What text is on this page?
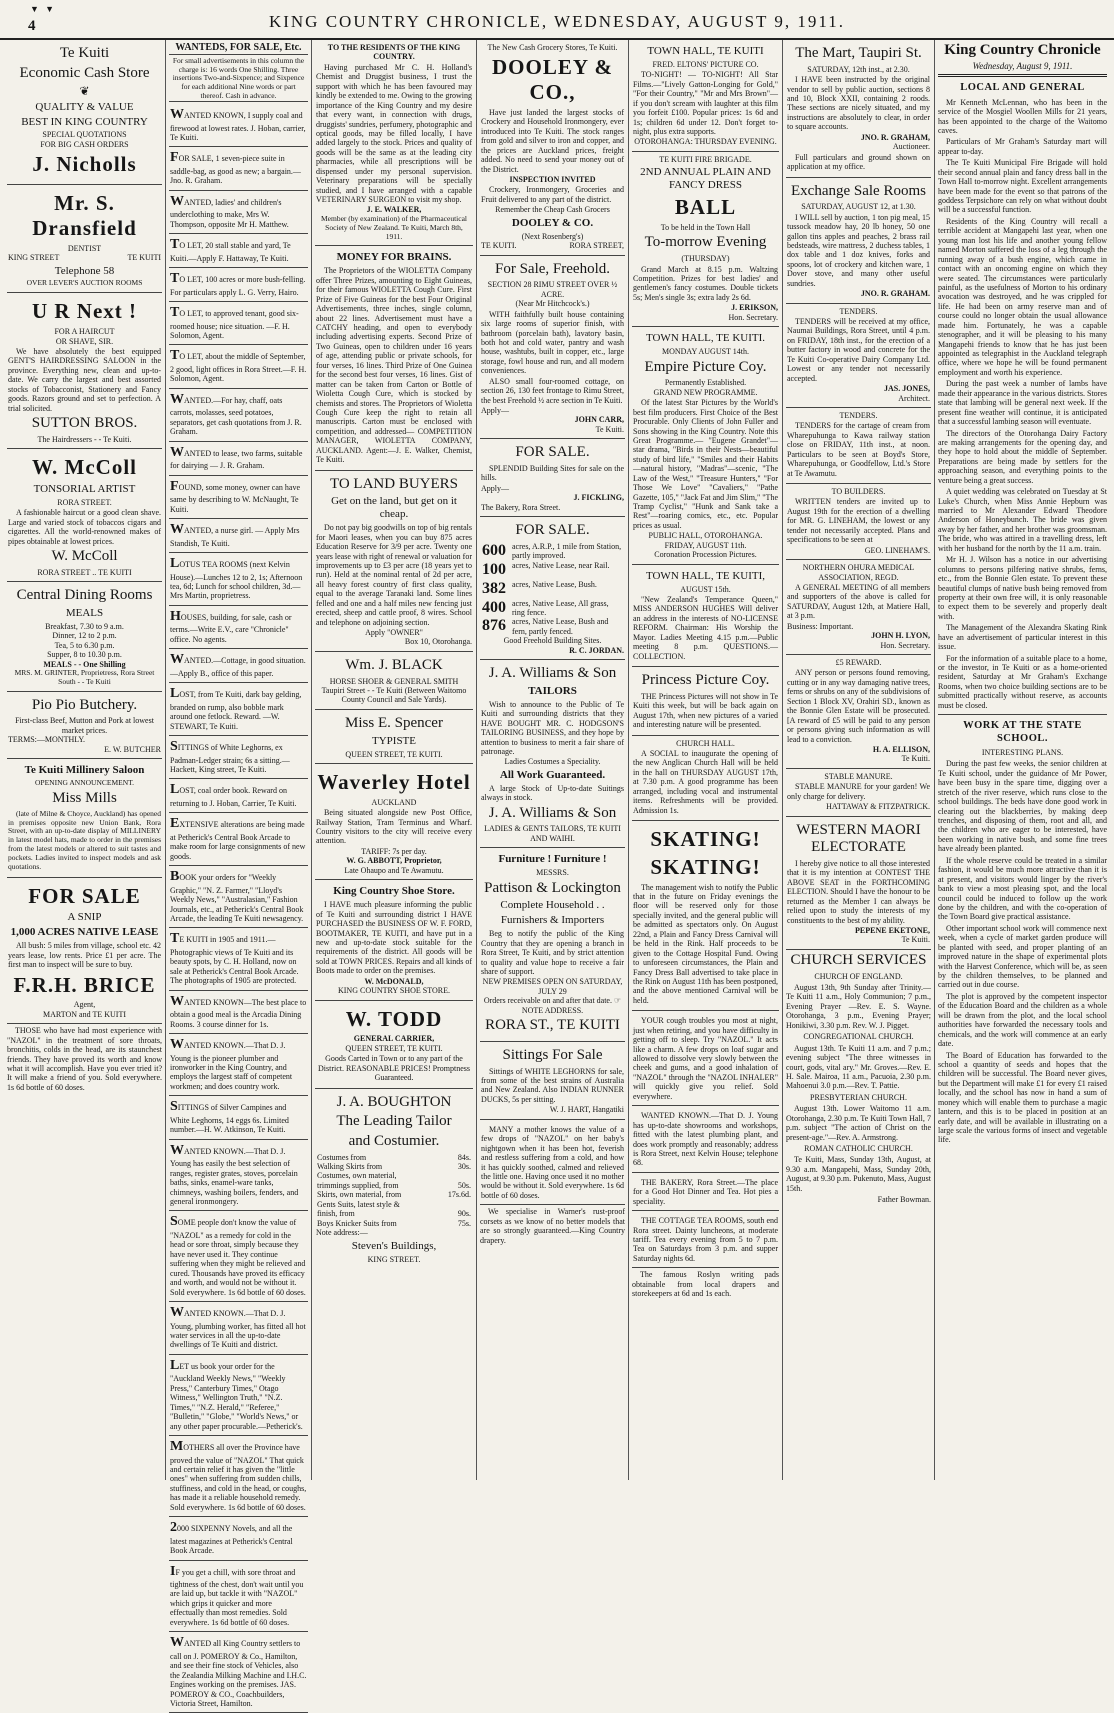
▼ ▼
4	KING COUNTRY CHRONICLE, WEDNESDAY, AUGUST 9, 1911.
Te Kuiti
Economic Cash Store
❦
QUALITY & VALUE
BEST IN KING COUNTRY
SPECIAL QUOTATIONS
FOR BIG CASH ORDERS
J. Nicholls
Mr. S. Dransfield
DENTIST
KING STREET	TE KUITI
Telephone 58
OVER LEVER'S AUCTION ROOMS
U R Next !
FOR A HAIRCUT
OR SHAVE, SIR.

We have absolutely the best equipped GENT'S HAIRDRESSING SALOON in the province. Everything new, clean and up-to-date. We carry the largest and best assorted stocks of Tobacconist, Stationery and Fancy goods. Razors ground and set to perfection. A trial solicited.

SUTTON BROS.
The Hairdressers - - Te Kuiti.
W. McColl
TONSORIAL ARTIST
RORA STREET.

A fashionable haircut or a good clean shave. Large and varied stock of tobaccos cigars and cigarettes. All the world-renowned makes of pipes obtainable at lowest prices.

W. McColl
RORA STREET .. TE KUITI
Central Dining Rooms
MEALS
Breakfast, 7.30 to 9 a.m.
Dinner, 12 to 2 p.m.
Tea, 5 to 6.30 p.m.
Supper, 8 to 10.30 p.m.
MEALS - - One Shilling
MRS. M. GRINTER, Proprietress, Rora Street South - - Te Kuiti
Pio Pio Butchery.
First-class Beef, Mutton and Pork at lowest market prices.
TERMS:—MONTHLY.
E. W. BUTCHER
Te Kuiti Millinery Saloon
OPENING ANNOUNCEMENT.
Miss Mills

(late of Milne & Choyce, Auckland) has opened in premises opposite new Union Bank, Rora Street, with an up-to-date display of MILLINERY in latest model hats, made to order in the premises from the latest models or altered to suit tastes and pockets. Ladies invited to inspect models and ask quotations.

FOR SALE
A SNIP
1,000 ACRES NATIVE LEASE

All bush: 5 miles from village, school etc. 42 years lease, low rents. Price £1 per acre. The first man to inspect will be sure to buy.

F.R.H. BRICE
Agent,
MARTON and TE KUITI

THOSE who have had most experience with "NAZOL" in the treatment of sore throats, bronchitis, colds in the head, are its staunchest friends. They have proved its worth and know what it will accomplish. Have you ever tried it? It will make a friend of you. Sold everywhere. 1s 6d bottle of 60 doses.

WANTEDS, FOR SALE, Etc.

For small advertisements in this column the charge is: 16 words One Shilling. Three insertions Two-and-Sixpence; and Sixpence for each additional Nine words or part thereof. Cash in advance.

WANTED KNOWN, I supply coal and firewood at lowest rates. J. Hoban, carrier, Te Kuiti.

FOR SALE, 1 seven-piece suite in saddle-bag, as good as new; a bargain.—Jno. R. Graham.

WANTED, ladies' and children's underclothing to make, Mrs W. Thompson, opposite Mr H. Matthew.

TO LET, 20 stall stable and yard, Te Kuiti.—Apply F. Hattaway, Te Kuiti.

TO LET, 100 acres or more bush-felling. For particulars apply L. G. Verry, Hairo.

TO LET, to approved tenant, good six-roomed house; nice situation. —F. H. Solomon, Agent.

TO LET, about the middle of September, 2 good, light offices in Rora Street.—F. H. Solomon, Agent.

WANTED.—For hay, chaff, oats carrots, molasses, seed potatoes, separators, get cash quotations from J. R. Graham.

WANTED to lease, two farms, suitable for dairying — J. R. Graham.

FOUND, some money, owner can have same by describing to W. McNaught, Te Kuiti.

WANTED, a nurse girl. — Apply Mrs Standish, Te Kuiti.

LOTUS TEA ROOMS (next Kelvin House).—Lunches 12 to 2, 1s; Afternoon tea, 6d; Lunch for school children, 3d.—Mrs Martin, proprietress.

HOUSES, building, for sale, cash or terms.—Write E.V., care "Chronicle" office. No agents.

WANTED.—Cottage, in good situation.—Apply B., office of this paper.

LOST, from Te Kuiti, dark bay gelding, branded on rump, also bobble mark around one fetlock. Reward. —W. STEWART, Te Kuiti.

SITTINGS of White Leghorns, ex Padman-Ledger strain; 6s a sitting.—Hackett, King street, Te Kuiti.

LOST, coal order book. Reward on returning to J. Hoban, Carrier, Te Kuiti.

EXTENSIVE alterations are being made at Petherick's Central Book Arcade to make room for large consignments of new goods.

BOOK your orders for "Weekly Graphic," "N. Z. Farmer," "Lloyd's Weekly News," "Australasian," Fashion Journals, etc., at Petherick's Central Book Arcade, the leading Te Kuiti newsagency.

TE KUITI in 1905 and 1911.—Photographic views of Te Kuiti and its beauty spots, by C. H. Holland, now on sale at Petherick's Central Book Arcade. The photographs of 1905 are protected.

WANTED KNOWN—The best place to obtain a good meal is the Arcadia Dining Rooms. 3 course dinner for 1s.

WANTED KNOWN.—That D. J. Young is the pioneer plumber and ironworker in the King Country, and employs the largest staff of competent workmen; and does country work.

SITTINGS of Silver Campines and White Leghorns, 14 eggs 6s. Limited number.—H. W. Atkinson, Te Kuiti.

WANTED KNOWN.—That D. J. Young has easily the best selection of ranges, register grates, stoves, porcelain baths, sinks, enamel-ware tanks, chimneys, washing boilers, fenders, and general ironmongery.

SOME people don't know the value of "NAZOL" as a remedy for cold in the head or sore throat, simply because they have never used it. They continue suffering when they might be relieved and cured. Thousands have proved its efficacy and worth, and would not be without it. Sold everywhere. 1s 6d bottle of 60 doses.

WANTED KNOWN.—That D. J. Young, plumbing worker, has fitted all hot water services in all the up-to-date dwellings of Te Kuiti and district.

LET us book your order for the "Auckland Weekly News," "Weekly Press," Canterbury Times," Otago Witness," Wellington Truth," "N.Z. Times," "N.Z. Herald," "Referee," "Bulletin," "Globe," "World's News," or any other paper procurable.—Petherick's.

MOTHERS all over the Province have proved the value of "NAZOL" That quick and certain relief it has given the "little ones" when suffering from sudden chills, stuffiness, and cold in the head, or coughs, has made it a reliable household remedy. Sold everywhere. 1s 6d bottle of 60 doses.

2000 SIXPENNY Novels, and all the latest magazines at Petherick's Central Book Arcade.

IF you get a chill, with sore throat and tightness of the chest, don't wait until you are laid up, but tackle it with "NAZOL" which grips it quicker and more effectually than most remedies. Sold everywhere. 1s 6d bottle of 60 doses.

WANTED all King Country settlers to call on J. POMEROY & Co., Hamilton, and see their fine stock of Vehicles, also the Zealandia Milking Machine and I.H.C. Engines working on the premises. JAS. POMEROY & CO., Coachbuilders, Victoria Street, Hamilton.

TO THE RESIDENTS OF THE KING COUNTRY.

Having purchased Mr C. H. Holland's Chemist and Druggist business, I trust the support with which he has been favoured may kindly be extended to me. Owing to the growing importance of the King Country and my desire that every want, in connection with drugs, druggists' sundries, perfumery, photographic and optical goods, may be filled locally, I have added largely to the stock. Prices and quality of goods will be the same as at the leading city pharmacies, while all prescriptions will be dispensed under my personal supervision. Veterinary preparations will be specially studied, and I have arranged with a capable VETERINARY SURGEON to visit my shop.

J. E. WALKER,
Member (by examination) of the Pharmaceutical Society of New Zealand. Te Kuiti, March 8th, 1911.
MONEY FOR BRAINS.

The Proprietors of the WIOLETTA Company offer Three Prizes, amounting to Eight Guineas, for their famous WIOLETTA Cough Cure. First Prize of Five Guineas for the best Four Original Advertisements, three inches, single column, about 22 lines. Advertisement must have a CATCHY heading, and open to everybody including advertising experts. Second Prize of Two Guineas, open to children under 16 years of age, attending public or private schools, for four verses, 16 lines. Third Prize of One Guinea for the second best four verses, 16 lines. Gist of matter can be taken from Carton or Bottle of Wioletta Cough Cure, which is stocked by chemists and stores. The Proprietors of Wioletta Cough Cure keep the right to retain all manuscripts. Carton must be enclosed with competition, and addressed— COMPETITION MANAGER, WIOLETTA COMPANY, AUCKLAND. Agent:—J. E. Walker, Chemist, Te Kuiti.

TO LAND BUYERS
Get on the land, but get on it cheap.

Do not pay big goodwills on top of big rentals for Maori leases, when you can buy 875 acres Education Reserve for 3/9 per acre. Twenty one years lease with right of renewal or valuation for improvements up to £3 per acre (18 years yet to run). Held at the nominal rental of 2d per acre, all heavy forest country of first class quality, equal to the average Taranaki land. Some lines felled and one and a half miles new fencing just erected, sheep and cattle proof, 8 wires. School and telephone on adjoining section.

Apply "OWNER"
Box 10, Otorohanga.
Wm. J. BLACK
HORSE SHOER & GENERAL SMITH
Taupiri Street - - Te Kuiti (Between Waitomo County Council and Sale Yards).
Miss E. Spencer
TYPISTE
QUEEN STREET, TE KUITI.
Waverley Hotel
AUCKLAND

Being situated alongside new Post Office, Railway Station, Tram Terminus and Wharf. Country visitors to the city will receive every attention.

TARIFF: 7s per day.
W. G. ABBOTT, Proprietor,
Late Ohaupo and Te Awamutu.
King Country Shoe Store.

I HAVE much pleasure informing the public of Te Kuiti and surrounding district I HAVE PURCHASED the BUSINESS OF W. F. FORD, BOOTMAKER, TE KUITI, and have put in a new and up-to-date stock suitable for the requirements of the district. All goods will be sold at TOWN PRICES. Repairs and all kinds of Boots made to order on the premises.

W. McDONALD,
KING COUNTRY SHOE STORE.
W. TODD
GENERAL CARRIER,
QUEEN STREET, TE KUITI.

Goods Carted in Town or to any part of the District. REASONABLE PRICES! Promptness Guaranteed.

J. A. BOUGHTON
The Leading Tailor
and Costumier.
Costumes from	84s.
Walking Skirts from	30s.
Costumes, own material,	
trimmings supplied, from	50s.
Skirts, own material, from	17s.6d.
Gents Suits, latest style &	
finish, from	90s.
Boys Knicker Suits from	75s.
Note address:—
Steven's Buildings,
KING STREET.
The New Cash Grocery Stores, Te Kuiti.
DOOLEY & CO.,

Have just landed the largest stocks of Crockery and Household Ironmongery, ever introduced into Te Kuiti. The stock ranges from gold and silver to iron and copper, and the prices are Auckland prices, freight added. No need to send your money out of the District.

INSPECTION INVITED

Crockery, Ironmongery, Groceries and Fruit delivered to any part of the district.

Remember the Cheap Cash Grocers
DOOLEY & CO.
(Next Rosenberg's)
TE KUITI.	RORA STREET,
For Sale, Freehold.
SECTION 28 RIMU STREET OVER ½ ACRE.
(Near Mr Hitchcock's.)

WITH faithfully built house containing six large rooms of superior finish, with bathroom (porcelain bath), lavatory basin, both hot and cold water, pantry and wash house, washtubs, built in copper, etc., large storage, fowl house and run, and all modern conveniences.

ALSO small four-roomed cottage, on section 26, 130 feet frontage to Rimu Street, the best Freehold ½ acre section in Te Kuiti.

Apply—
JOHN CARR,
Te Kuiti.
FOR SALE.

SPLENDID Building Sites for sale on the hills.

Apply—
J. FICKLING,
The Bakery, Rora Street.
FOR SALE.
600	acres, A.R.P., 1 mile from Station, partly improved.
100	acres, Native Lease, near Rail.
382	acres, Native Lease, Bush.
400	acres, Native Lease, All grass, ring fence.
876	acres, Native Lease, Bush and fern, partly fenced.
Good Freehold Building Sites.
R. C. JORDAN.
J. A. Williams & Son
TAILORS

Wish to announce to the Public of Te Kuiti and surrounding districts that they HAVE BOUGHT MR. C. HODGSON'S TAILORING BUSINESS, and they hope by attention to business to merit a fair share of patronage.

Ladies Costumes a Speciality.
All Work Guaranteed.

A large Stock of Up-to-date Suitings always in stock.

J. A. Williams & Son
LADIES & GENTS TAILORS, TE KUITI AND WAIHI.
Furniture ! Furniture !
MESSRS.
Pattison & Lockington
Complete Household . .
Furnishers & Importers

Beg to notify the public of the King Country that they are opening a branch in Rora Street, Te Kuiti, and by strict attention to quality and value hope to receive a fair share of support.

NEW PREMISES OPEN ON SATURDAY, JULY 29
Orders receivable on and after that date. ☞ NOTE ADDRESS.
RORA ST., TE KUITI
Sittings For Sale

Sittings of WHITE LEGHORNS for sale, from some of the best strains of Australia and New Zealand. Also INDIAN RUNNER DUCKS, 5s per sitting.

W. J. HART, Hangatiki

MANY a mother knows the value of a few drops of "NAZOL" on her baby's nightgown when it has been hot, feverish and restless suffering from a cold, and how it has quickly soothed, calmed and relieved the little one. Having once used it no mother would be without it. Sold everywhere. 1s 6d bottle of 60 doses.

We specialise in Warner's rust-proof corsets as we know of no better models that are so strongly guaranteed.—King Country drapery.

TOWN HALL, TE KUITI
FRED. ELTONS' PICTURE CO.

TO-NIGHT! — TO-NIGHT! All Star Films.—"Lively Gatton-Longing for Gold," "For their Country," "Mr and Mrs Brown"—if you don't scream with laughter at this film you forfeit £100. Popular prices: 1s 6d and 1s; children 6d under 12. Don't forget to-night, plus extra supports.

OTOROHANGA: THURSDAY EVENING.
TE KUITI FIRE BRIGADE.
2ND ANNUAL PLAIN AND FANCY DRESS
BALL
To be held in the Town Hall
To-morrow Evening
(THURSDAY)

Grand March at 8.15 p.m. Waltzing Competition. Prizes for best ladies' and gentlemen's fancy costumes. Double tickets 5s; Men's single 3s; extra lady 2s 6d.

J. ERIKSON,
Hon. Secretary.
TOWN HALL, TE KUITI.
MONDAY AUGUST 14th.
Empire Picture Coy.
Permanently Established.
GRAND NEW PROGRAMME.

Of the latest Star Pictures by the World's best film producers. First Choice of the Best Procurable. Only Clients of John Fuller and Sons showing in the King Country. Note this Great Programme.— "Eugene Grandet"—star drama, "Birds in their Nests—beautiful study of bird life," "Smiles and their Habits —natural history, "Madras"—scenic, "The Law of the West," "Treasure Hunters," "For Those We Love" "Cavaliers," "Pathe Gazette, 105," "Jack Fat and Jim Slim," "The Tramp Cyclist," "Hunk and Sank take a Rest"—roaring comics, etc., etc. Popular prices as usual.

PUBLIC HALL, OTOROHANGA.
FRIDAY, AUGUST 11th.
Coronation Procession Pictures.
TOWN HALL, TE KUITI,
AUGUST 15th.

"New Zealand's Temperance Queen," MISS ANDERSON HUGHES Will deliver an address in the interests of NO-LICENSE REFORM. Chairman: His Worship the Mayor. Ladies Meeting 4.15 p.m.—Public meeting 8 p.m. QUESTIONS.—COLLECTION.

Princess Picture Coy.

THE Princess Pictures will not show in Te Kuiti this week, but will be back again on August 17th, when new pictures of a varied and interesting nature will be presented.

CHURCH HALL.

A SOCIAL to inaugurate the opening of the new Anglican Church Hall will be held in the hall on THURSDAY AUGUST 17th, at 7.30 p.m. A good programme has been arranged, including vocal and instrumental items. Refreshments will be provided. Admission 1s.

SKATING!
SKATING!

The management wish to notify the Public that in the future on Friday evenings the floor will be reserved only for those specially invited, and the general public will be admitted as spectators only. On August 22nd, a Plain and Fancy Dress Carnival will be held in the Rink. Half proceeds to be given to the Cottage Hospital Fund. Owing to unforeseen circumstances, the Plain and Fancy Dress Ball advertised to take place in the Rink on August 11th has been postponed, and the above mentioned Carnival will be held.

YOUR cough troubles you most at night, just when retiring, and you have difficulty in getting off to sleep. Try "NAZOL." It acts like a charm. A few drops on loaf sugar and allowed to dissolve very slowly between the cheek and gums, and a good inhalation of "NAZOL" through the "NAZOL INHALER" will quickly give you relief. Sold everywhere.

WANTED KNOWN.—That D. J. Young has up-to-date showrooms and workshops, fitted with the latest plumbing plant, and does work promptly and reasonably; address is Rora Street, next Kelvin House; telephone 68.

THE BAKERY, Rora Street.—The place for a Good Hot Dinner and Tea. Hot pies a speciality.

THE COTTAGE TEA ROOMS, south end Rora street. Dainty luncheons, at moderate tariff. Tea every evening from 5 to 7 p.m. Tea on Saturdays from 3 p.m. and supper Saturday nights 6d.

The famous Roslyn writing pads obtainable from local drapers and storekeepers at 6d and 1s each.

The Mart, Taupiri St.
SATURDAY, 12th inst., at 2.30.

I HAVE been instructed by the original vendor to sell by public auction, sections 8 and 10, Block XXII, containing 2 roods. These sections are nicely situated, and my instructions are absolutely to clear, in order to square accounts.

JNO. R. GRAHAM,
Auctioneer.

Full particulars and ground shown on application at my office.

Exchange Sale Rooms
SATURDAY, AUGUST 12, at 1.30.

I WILL sell by auction, 1 ton pig meal, 15 tussock meadow hay, 20 lb honey, 50 one gallon tins apples and peaches, 2 brass rail bedsteads, wire mattress, 2 duchess tables, 1 dox table and 1 doz knives, forks and spoons, lot of crockery and kitchen ware, 1 Dover stove, and many other useful sundries.

JNO. R. GRAHAM.
TENDERS.

TENDERS will be received at my office, Naumai Buildings, Rora Street, until 4 p.m. on FRIDAY, 18th inst., for the erection of a butter factory in wood and concrete for the Te Kuiti Co-operative Dairy Company Ltd. Lowest or any tender not necessarily accepted.

JAS. JONES,
Architect.
TENDERS.

TENDERS for the cartage of cream from Wharepuhunga to Kawa railway station close on FRIDAY, 11th inst., at noon. Particulars to be seen at Boyd's Store, Wharepuhunga, or Goodfellow, Ltd.'s Store at Te Awamutu.

TO BUILDERS.

WRITTEN tenders are invited up to August 19th for the erection of a dwelling for MR. G. LINEHAM, the lowest or any tender not necessarily accepted. Plans and specifications to be seen at

GEO. LINEHAM'S.
NORTHERN OHURA MEDICAL ASSOCIATION, REGD.

A GENERAL MEETING of all members and supporters of the above is called for SATURDAY, August 12th, at Matiere Hall, at 3 p.m.

Business: Important.
JOHN H. LYON,
Hon. Secretary.
£5 REWARD.

ANY person or persons found removing, cutting or in any way damaging native trees, ferns or shrubs on any of the subdivisions of Section 1 Block XV, Orahiri SD., known as the Bonnie Glen Estate will be prosecuted. [A reward of £5 will be paid to any person or persons giving such information as will lead to a conviction.

H. A. ELLISON,
Te Kuiti.
STABLE MANURE.

STABLE MANURE for your garden! We only charge for delivery.

HATTAWAY & FITZPATRICK.
WESTERN MAORI ELECTORATE

I hereby give notice to all those interested that it is my intention at CONTEST THE ABOVE SEAT in the FORTHCOMING ELECTION. Should I have the honour to be returned as the Member I can always be relied upon to study the interests of my constituents to the best of my ability.

PEPENE EKETONE,
Te Kuiti.
CHURCH SERVICES
CHURCH OF ENGLAND.

August 13th, 9th Sunday after Trinity.—Te Kuiti 11 a.m., Holy Communion; 7 p.m., Evening Prayer —Rev. E. S. Wayne. Otorohanga, 3 p.m., Evening Prayer; Honikiwi, 3.30 p.m. Rev. W. J. Pigget.

CONGREGATIONAL CHURCH.

August 13th. Te Kuiti 11 a.m. and 7 p.m.; evening subject "The three witnesses in court, gods, vital ary." Mr. Groves.—Rev. E. H. Sale. Mairoa, 11 a.m., Pacuoia, 2.30 p.m. Mahoenui 3.0 p.m.—Rev. T. Pattie.

PRESBYTERIAN CHURCH.

August 13th. Lower Waitomo 11 a.m. Otorohanga, 2.30 p.m. Te Kuiti Town Hall, 7 p.m. subject "The action of Christ on the present-age."—Rev. A. Armstrong.

ROMAN CATHOLIC CHURCH.

Te Kuiti, Mass, Sunday 13th, August, at 9.30 a.m. Mangapehi, Mass, Sunday 20th, August, at 9.30 p.m. Pukenuto, Mass, August 15th.

Father Bowman.
King Country Chronicle
Wednesday, August 9, 1911.
LOCAL AND GENERAL

Mr Kenneth McLennan, who has been in the service of the Mosgiel Woollen Mills for 21 years, has been appointed to the charge of the Waitomo caves.

Particulars of Mr Graham's Saturday mart will appear to-day.

The Te Kuiti Municipal Fire Brigade will hold their second annual plain and fancy dress ball in the Town Hall to-morrow night. Excellent arrangements have been made for the event so that patrons of the goddess Terpsichore can rely on what without doubt will be a successful function.

Residents of the King Country will recall a terrible accident at Mangapehi last year, when one young man lost his life and another young fellow named Morton suffered the loss of a leg through the running away of a bush engine, which came in contact with an oncoming engine on which they were seated. The circumstances were particularly painful, as the usefulness of Morton to his ordinary avocation was destroyed, and he was crippled for life. He had been on army reserve man and of course could no longer obtain the usual allowance made him. Fortunately, he was a capable stenographer, and it will be pleasing to his many Mangapehi friends to know that he has just been appointed as telegraphist in the Auckland telegraph office, where we hope he will be found permanent employment and worth his experience.

During the past week a number of lambs have made their appearance in the various districts. Stores state that lambing will be general next week. If the present fine weather will continue, it is anticipated that a successful lambing season will eventuate.

The directors of the Otorohanga Dairy Factory are making arrangements for the opening day, and they hope to hold about the middle of September. Preparations are being made by settlers for the approaching season, and everything points to the venture being a great success.

A quiet wedding was celebrated on Tuesday at St Luke's Church, when Miss Annie Hepburn was married to Mr Alexander Edward Theodore Anderson of Honeybunch. The bride was given away by her father, and her brother was groomsman. The bride, who was attired in a travelling dress, left with her husband for the north by the 11 a.m. train.

Mr H. J. Wilson has a notice in our advertising columns to persons pilfering native shrubs, ferns, etc., from the Bonnie Glen estate. To prevent these beautiful clumps of native bush being removed from property at their own free will, it is only reasonable to expect them to be severely and properly dealt with.

The Management of the Alexandra Skating Rink have an advertisement of particular interest in this issue.

For the information of a suitable place to a home, or the investor, in Te Kuiti or as a home-oriented resident, Saturday at Mr Graham's Exchange Rooms, when two choice building sections are to be submitted practically without reserve, as accounts must be closed.

WORK AT THE STATE SCHOOL.
INTERESTING PLANS.

During the past few weeks, the senior children at Te Kuiti school, under the guidance of Mr Power, have been busy in the spare time, digging over a stretch of the river reserve, which runs close to the school buildings. The beds have done good work in clearing out the blackberries, by making deep trenches, and disposing of them, root and all, and the children who are eager to be interested, have been working in native bush, and some fine trees have already been planted.

If the whole reserve could be treated in a similar fashion, it would be much more attractive than it is at present, and visitors would linger by the river's bank to view a most pleasing spot, and the local council could be induced to follow up the work done by the children, and with the co-operation of the Town Board give practical assistance.

Other important school work will commence next week, when a cycle of market garden produce will be planted with seed, and proper planting of an improved nature in the shape of experimental plots with the Harvest Conference, which will be, as seen by the children themselves, to be planned and carried out in due course.

The plot is approved by the competent inspector of the Education Board and the children as a whole will be drawn from the plot, and the local school authorities have forwarded the necessary tools and chemicals, and the work will commence at an early date.

The Board of Education has forwarded to the school a quantity of seeds and hopes that the children will be successful. The Board never gives, but the Department will make £1 for every £1 raised locally, and the school has now in hand a sum of money which will enable them to purchase a magic lantern, and this is to be placed in position at an early date, and will be available in illustrating on a large scale the various forms of insect and vegetable life.
